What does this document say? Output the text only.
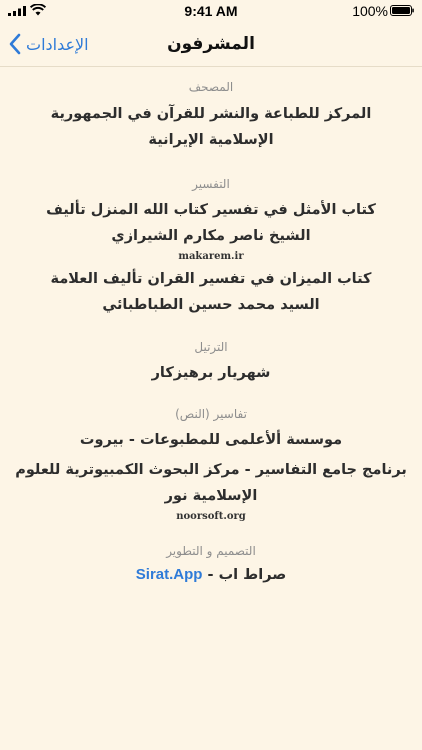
9:41 AM	100%
الإعدادات	المشرفون

المصحف

المركز للطباعة والنشر للقرآن في الجمهورية الإسلامية الإيرانية

التفسير

كتاب الأمثل في تفسير كتاب الله المنزل تأليف الشيخ ناصر مكارم الشيرازي

makarem.ir

كتاب الميزان في تفسير القران تأليف العلامة السيد محمد حسين الطباطبائي

الترتيل

شهريار برهيزكار

تفاسير (النص)

موسسة ألأعلمی للمطبوعات - بيروت

برنامج جامع التفاسير - مركز البحوث الكمبيوترية للعلوم الإسلامية نور

noorsoft.org

التصميم و التطوير

صراط اب - Sirat.App
